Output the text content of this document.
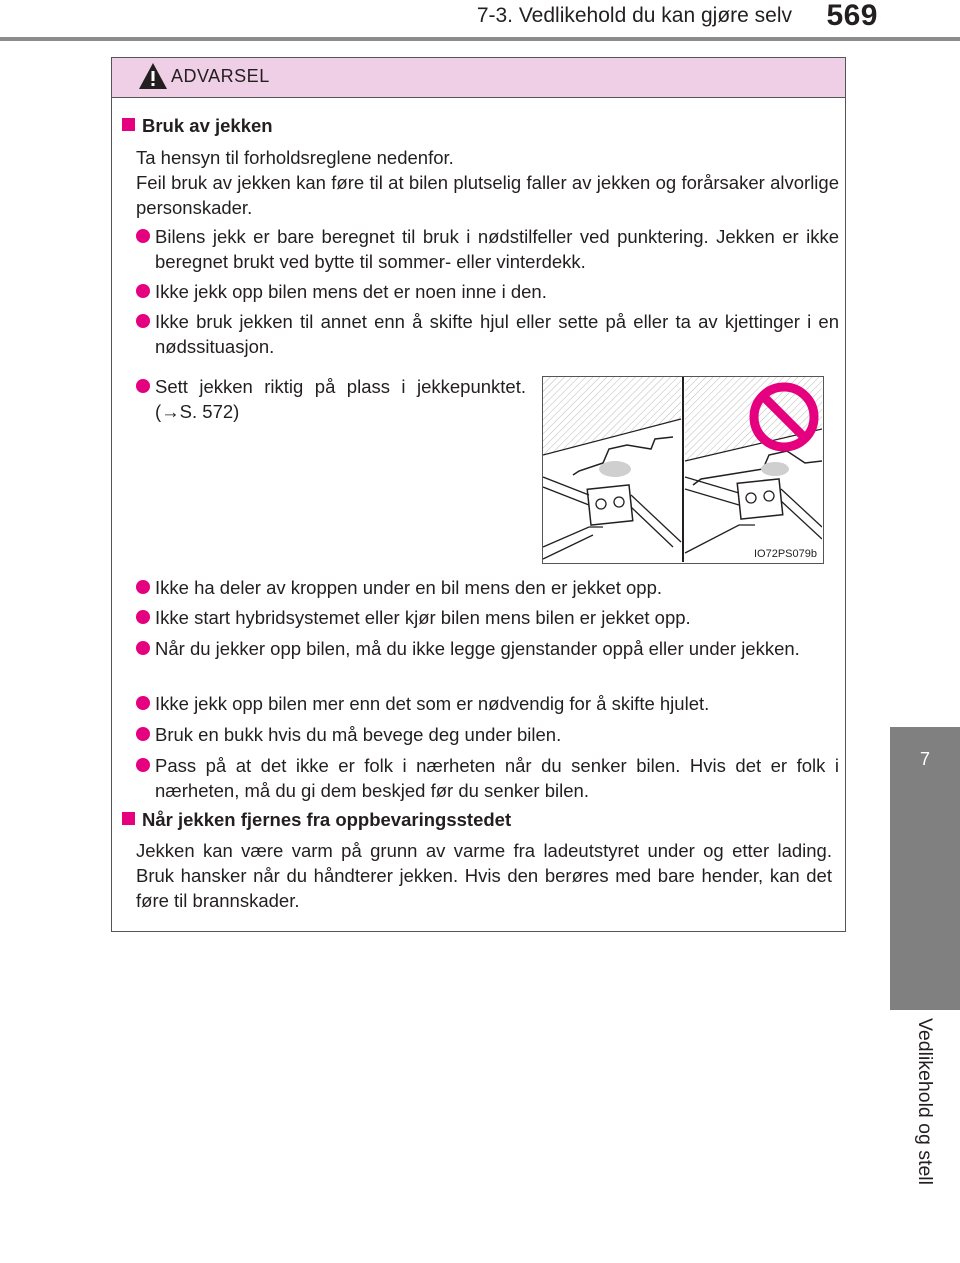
7-3. Vedlikehold du kan gjøre selv	569
7
Vedlikehold og stell
ADVARSEL
Bruk av jekken
Ta hensyn til forholdsreglene nedenfor.
Feil bruk av jekken kan føre til at bilen plutselig faller av jekken og forårsaker alvorlige personskader.
Bilens jekk er bare beregnet til bruk i nødstilfeller ved punktering. Jekken er ikke beregnet brukt ved bytte til sommer- eller vinterdekk.
Ikke jekk opp bilen mens det er noen inne i den.
Ikke bruk jekken til annet enn å skifte hjul eller sette på eller ta av kjettinger i en nødssituasjon.
Sett jekken riktig på plass i jekkepunktet. (→S. 572)
IO72PS079b
Ikke ha deler av kroppen under en bil mens den er jekket opp.
Ikke start hybridsystemet eller kjør bilen mens bilen er jekket opp.
Når du jekker opp bilen, må du ikke legge gjenstander oppå eller under jekken.
Ikke jekk opp bilen mer enn det som er nødvendig for å skifte hjulet.
Bruk en bukk hvis du må bevege deg under bilen.
Pass på at det ikke er folk i nærheten når du senker bilen. Hvis det er folk i nærheten, må du gi dem beskjed før du senker bilen.
Når jekken fjernes fra oppbevaringsstedet
Jekken kan være varm på grunn av varme fra ladeutstyret under og etter lading. Bruk hansker når du håndterer jekken. Hvis den berøres med bare hender, kan det føre til brannskader.
